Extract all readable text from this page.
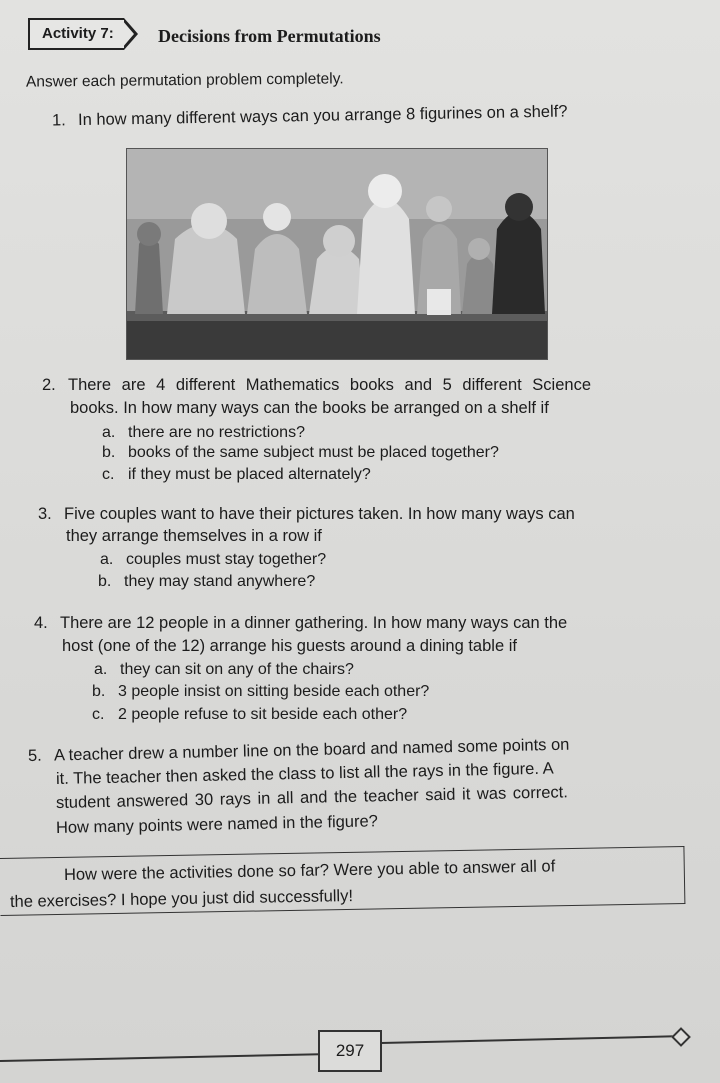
Activity 7:	Decisions from Permutations
Answer each permutation problem completely.
1. In how many different ways can you arrange 8 figurines on a shelf?
2. There are 4 different Mathematics books and 5 different Science
books. In how many ways can the books be arranged on a shelf if
a. there are no restrictions?
b. books of the same subject must be placed together?
c. if they must be placed alternately?
3. Five couples want to have their pictures taken. In how many ways can
they arrange themselves in a row if
a. couples must stay together?
b. they may stand anywhere?
4. There are 12 people in a dinner gathering. In how many ways can the
host (one of the 12) arrange his guests around a dining table if
a. they can sit on any of the chairs?
b. 3 people insist on sitting beside each other?
c. 2 people refuse to sit beside each other?
5. A teacher drew a number line on the board and named some points on
it. The teacher then asked the class to list all the rays in the figure. A
student answered 30 rays in all and the teacher said it was correct.
How many points were named in the figure?
How were the activities done so far? Were you able to answer all of
the exercises? I hope you just did successfully!
297
